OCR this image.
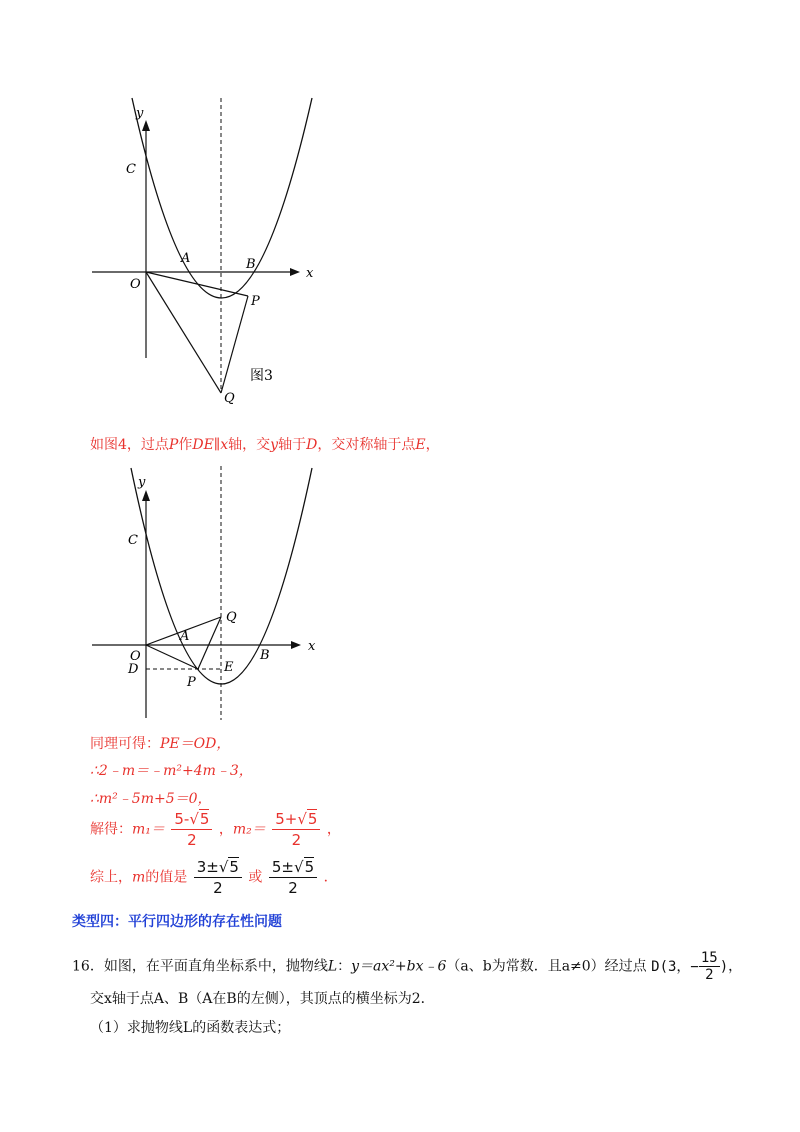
y
x
C
A	B
O
P
Q
图3
如图4，过点P作DE∥x轴，交y轴于D，交对称轴于点E，
y
x
C
Q
A
O
D	E
B
P
同理可得：PE＝OD，
∴2﹣m＝﹣m²+4m﹣3，
∴m²﹣5m+5＝0，
解得：$m_1= \frac{5-√5}{2}$ ，$m_2= \frac{5+√5}{2}$ ，
综上，m的值是 $\frac{3\pm√5}{2}$ 或 $\frac{5\pm√5}{2}$ ．
类型四：平行四边形的存在性问题
16．如图，在平面直角坐标系中，抛物线L：y＝ax²+bx﹣6（a、b为常数．且a≠0）经过点 D(3，− $\frac{15}{2}$)，
交x轴于点A、B（A在B的左侧），其顶点的横坐标为2．
（1）求抛物线L的函数表达式；
